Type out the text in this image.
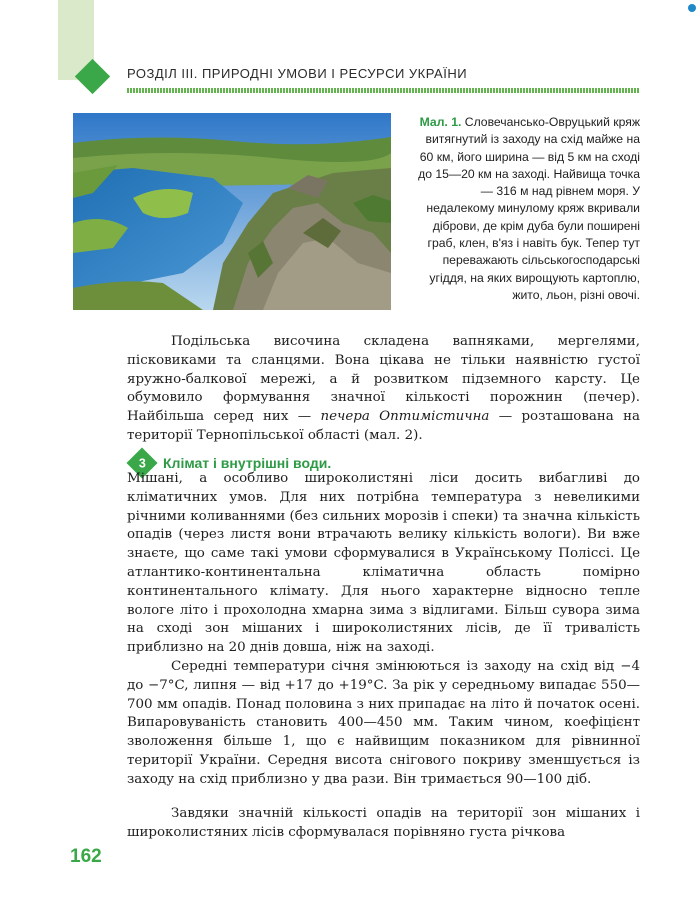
РОЗДІЛ ІІІ. ПРИРОДНІ УМОВИ І РЕСУРСИ УКРАЇНИ
Мал. 1. Словечансько-Овруцький кряж витягнутий із заходу на схід майже на 60 км, його ширина — від 5 км на сході до 15—20 км на заході. Найвища точка — 316 м над рівнем моря. У недалекому минулому кряж вкривали діброви, де крім дуба були поширені граб, клен, в'яз і навіть бук. Тепер тут переважають сільськогосподарські угіддя, на яких вирощують картоплю, жито, льон, різні овочі.
Подільська височина складена вапняками, мергелями, пісковиками та сланцями. Вона цікава не тільки наявністю густої яружно-балкової мережі, а й розвитком підземного карсту. Це обумовило формування значної кількості порожнин (печер). Найбільша серед них — печера Оптимістична — розташована на території Тернопільської області (мал. 2).
3 Клімат і внутрішні води.
Мішані, а особливо широколистяні ліси досить вибагливі до кліматичних умов. Для них потрібна температура з невеликими річними коливаннями (без сильних морозів і спеки) та значна кількість опадів (через листя вони втрачають велику кількість вологи). Ви вже знаєте, що саме такі умови сформувалися в Українському Поліссі. Це атлантико-континентальна кліматична область помірно континентального клімату. Для нього характерне відносно тепле вологе літо і прохолодна хмарна зима з відлигами. Більш сувора зима на сході зон мішаних і широколистяних лісів, де її тривалість приблизно на 20 днів довша, ніж на заході.
Середні температури січня змінюються із заходу на схід від −4 до −7°C, липня — від +17 до +19°C. За рік у середньому випадає 550—700 мм опадів. Понад половина з них припадає на літо й початок осені. Випаровуваність становить 400—450 мм. Таким чином, коефіцієнт зволоження більше 1, що є найвищим показником для рівнинної території України. Середня висота снігового покриву зменшується із заходу на схід приблизно у два рази. Він тримається 90—100 діб.
Завдяки значній кількості опадів на території зон мішаних і широколистяних лісів сформувалася порівняно густа річкова
162
